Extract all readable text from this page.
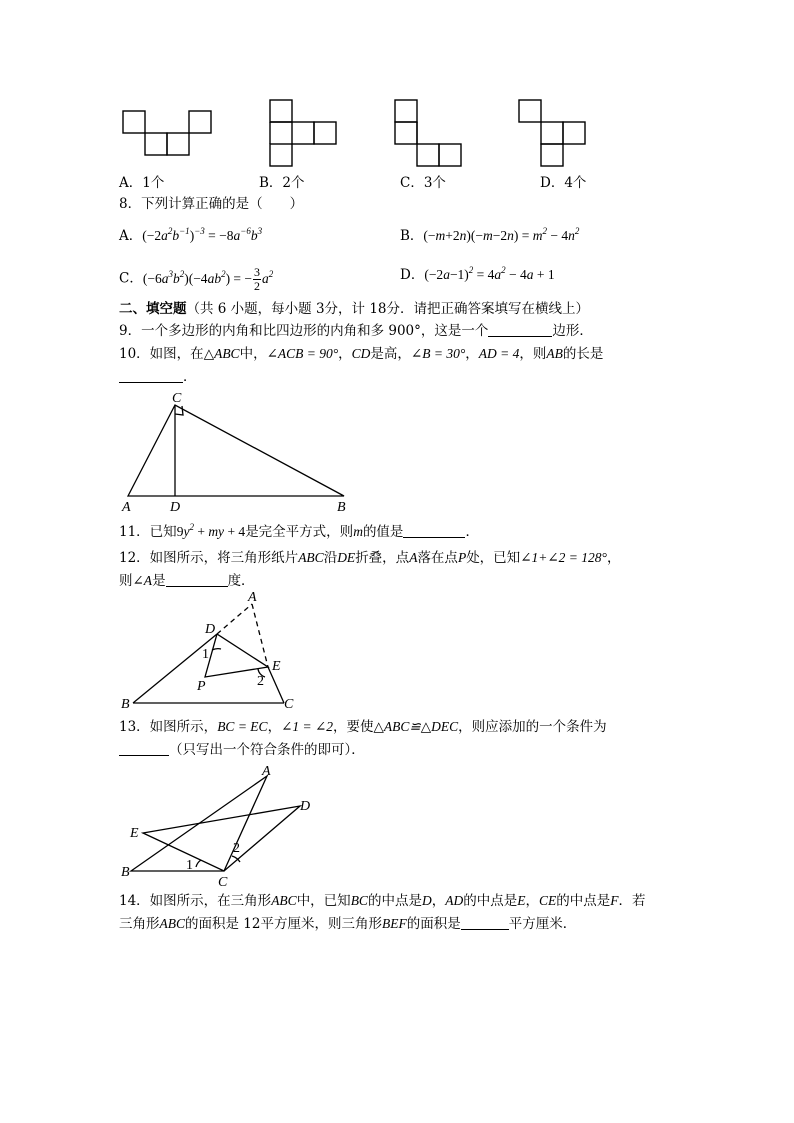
A．1个	B．2个	C．3个	D．4个
8．下列计算正确的是（　　）
A．$(-2a^2b^{-1})^{-3} = -8a^{-6}b^3$	B．$(-m+2n)(-m-2n) = m^2 - 4n^2$
C．$(-6a^3b^2)(-4ab^2)$ = − $\frac{3}{2} a^2$	D．$(-2a-1)^2 = 4a^2 - 4a + 1$
二、填空题（共 6 小题，每小题 3分，计 18分．请把正确答案填写在横线上）
9．一个多边形的内角和比四边形的内角和多 900°，这是一个	边形．
10．如图，在△ABC中，∠ACB = 90°，CD是高，∠B = 30°，AD = 4，则AB的长是
．
C
A	D	B
11．已知$9y^2$ + my + 4是完全平方式，则m的值是	．
12．如图所示，将三角形纸片ABC沿DE折叠，点A落在点P处，已知∠1+∠2 = 128°，
则∠A是	度．
A
D
1
E
2
P
B	C
13．如图所示，BC = EC，∠1 = ∠2，要使△ABC≌△DEC，则应添加的一个条件为
（只写出一个符合条件的即可）．
A
D
E
2
1
B
C
14．如图所示，在三角形ABC中，已知BC的中点是D，AD的中点是E，CE的中点是F．若
三角形ABC的面积是 12平方厘米，则三角形BEF的面积是	平方厘米．
